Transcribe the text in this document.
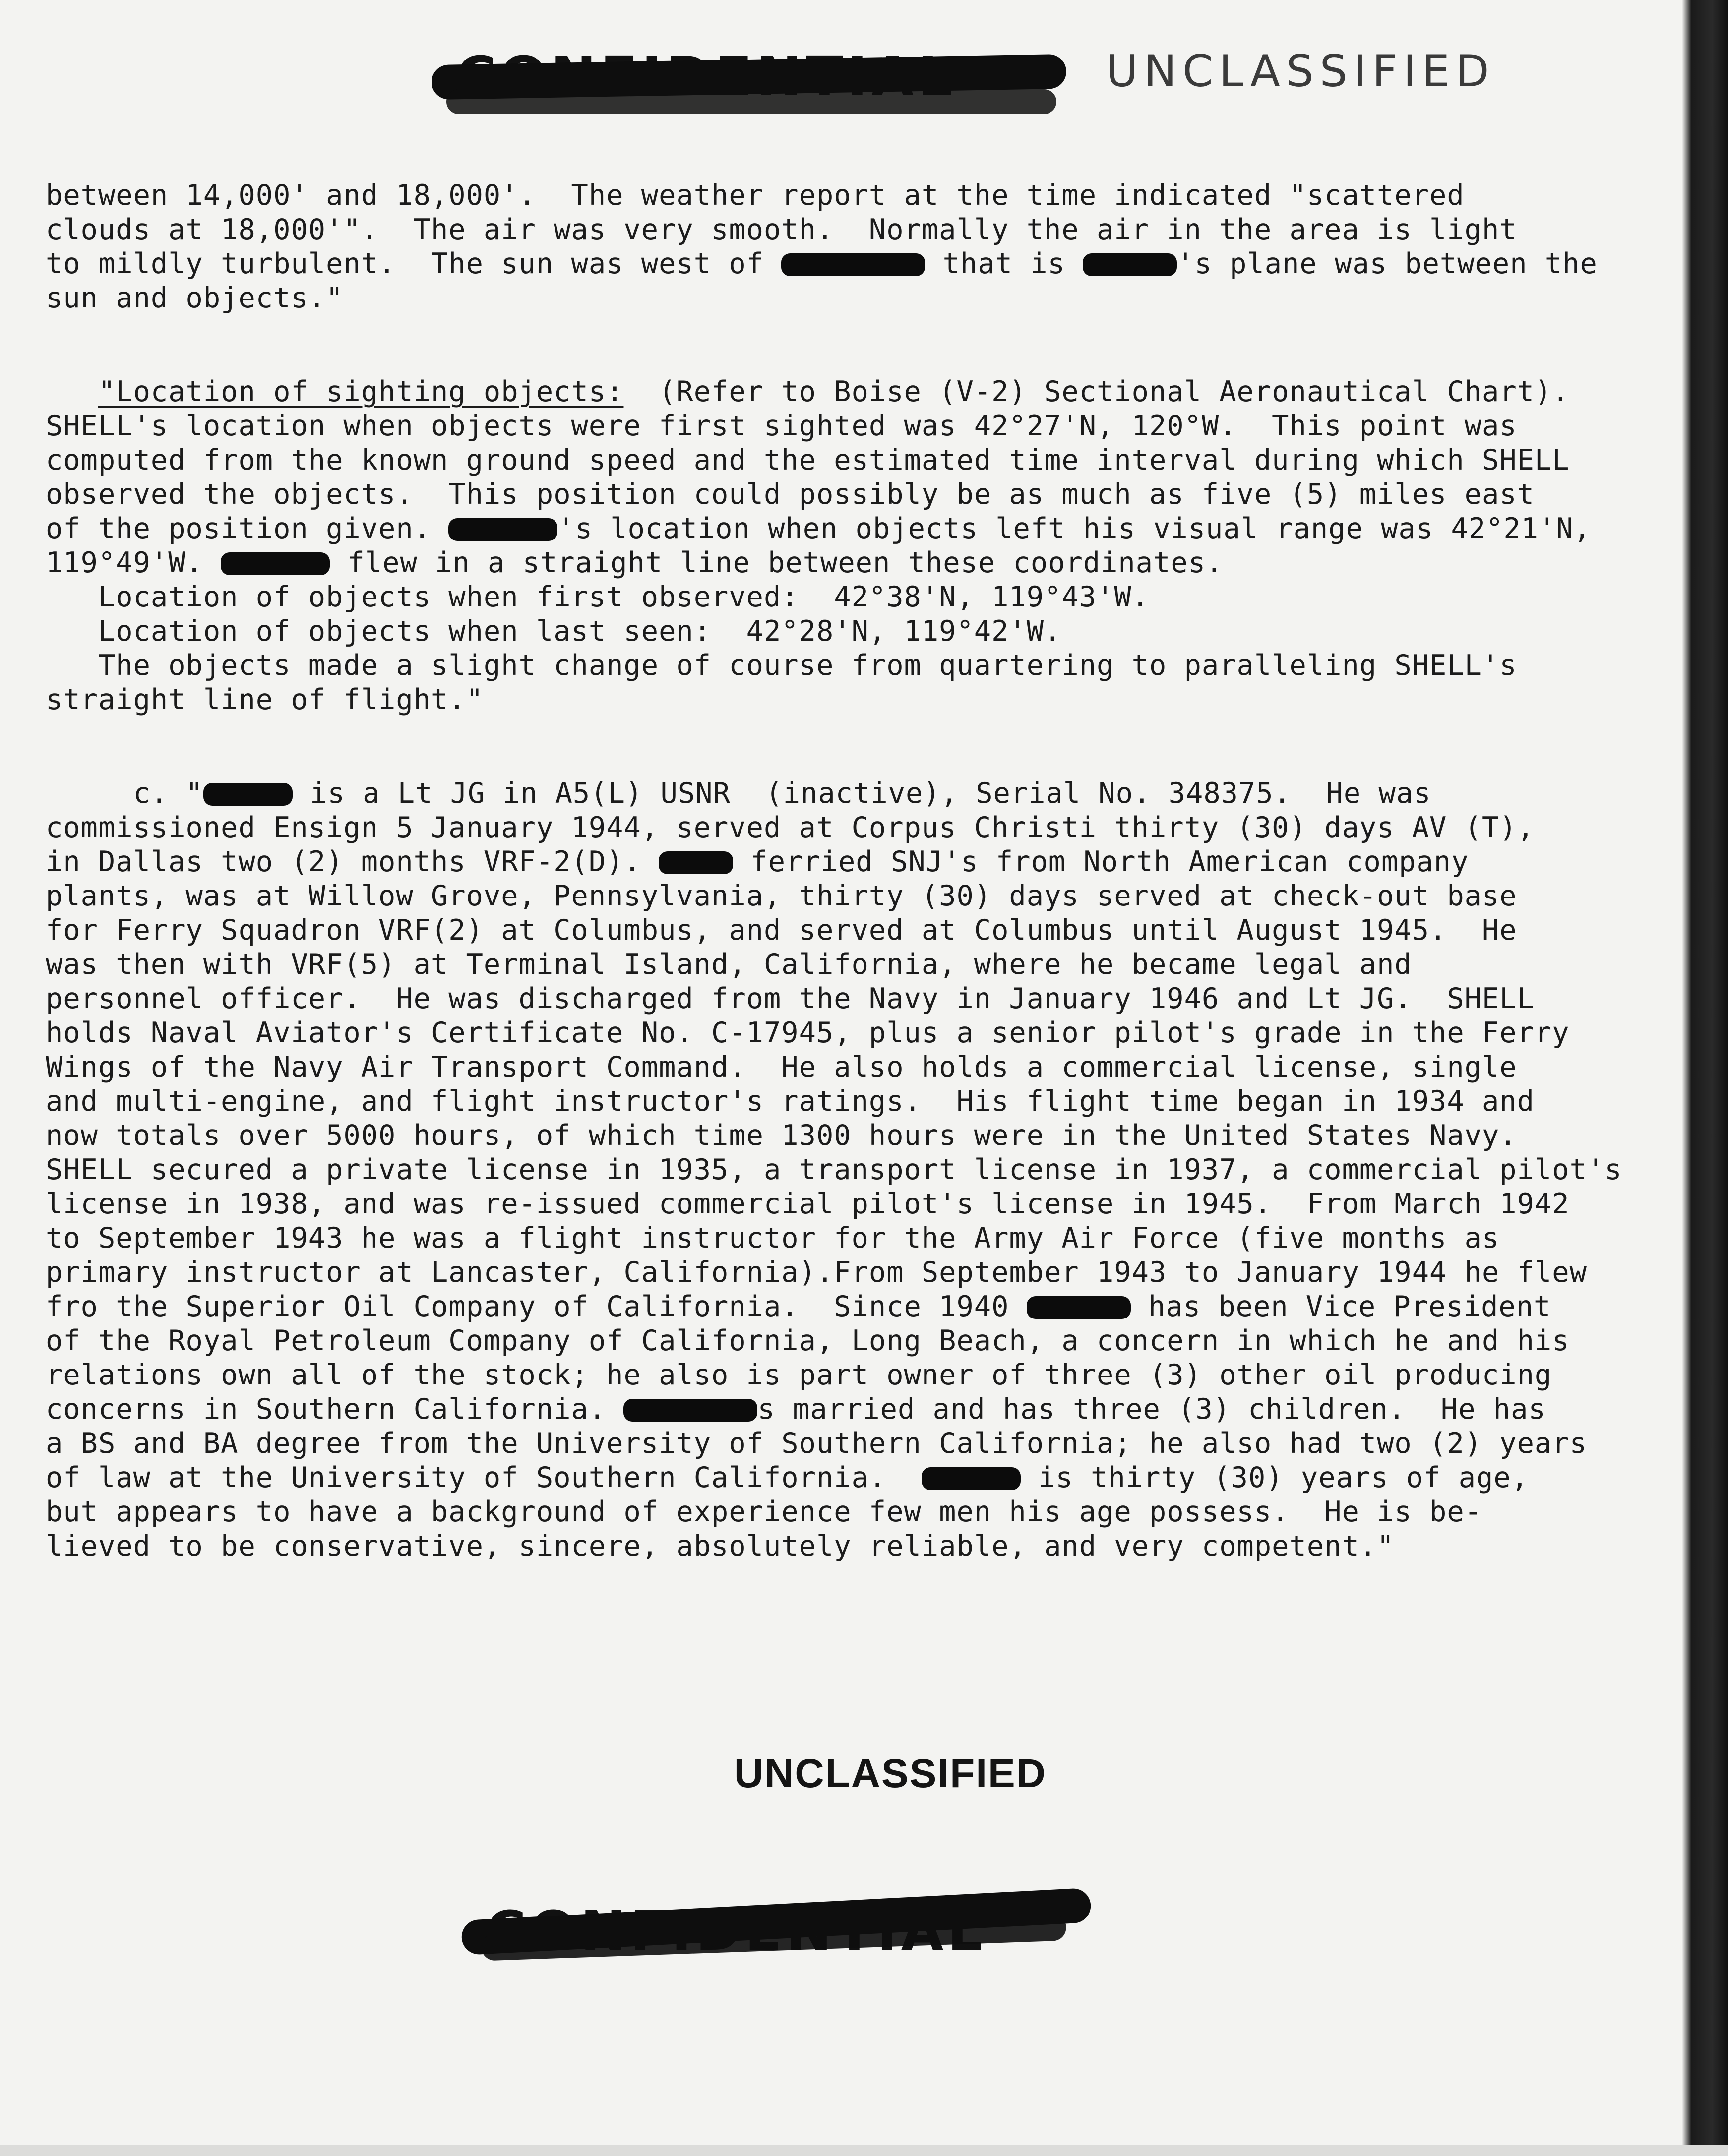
UNCLASSIFIED
between 14,000' and 18,000'.  The weather report at the time indicated "scattered
clouds at 18,000'".  The air was very smooth.  Normally the air in the area is light
to mildly turbulent.  The sun was west of	that is	's plane was between the
sun and objects."
"Location of sighting objects:  (Refer to Boise (V-2) Sectional Aeronautical Chart).
SHELL's location when objects were first sighted was 42°27'N, 120°W.  This point was
computed from the known ground speed and the estimated time interval during which SHELL
observed the objects.  This position could possibly be as much as five (5) miles east
of the position given.	's location when objects left his visual range was 42°21'N,
119°49'W.	flew in a straight line between these coordinates.
Location of objects when first observed:  42°38'N, 119°43'W.
Location of objects when last seen:  42°28'N, 119°42'W.
The objects made a slight change of course from quartering to paralleling SHELL's
straight line of flight."
c. "	is a Lt JG in A5(L) USNR  (inactive), Serial No. 348375.  He was
commissioned Ensign 5 January 1944, served at Corpus Christi thirty (30) days AV (T),
in Dallas two (2) months VRF-2(D).	ferried SNJ's from North American company
plants, was at Willow Grove, Pennsylvania, thirty (30) days served at check-out base
for Ferry Squadron VRF(2) at Columbus, and served at Columbus until August 1945.  He
was then with VRF(5) at Terminal Island, California, where he became legal and
personnel officer.  He was discharged from the Navy in January 1946 and Lt JG.  SHELL
holds Naval Aviator's Certificate No. C-17945, plus a senior pilot's grade in the Ferry
Wings of the Navy Air Transport Command.  He also holds a commercial license, single
and multi-engine, and flight instructor's ratings.  His flight time began in 1934 and
now totals over 5000 hours, of which time 1300 hours were in the United States Navy.
SHELL secured a private license in 1935, a transport license in 1937, a commercial pilot's
license in 1938, and was re-issued commercial pilot's license in 1945.  From March 1942
to September 1943 he was a flight instructor for the Army Air Force (five months as
primary instructor at Lancaster, California).From September 1943 to January 1944 he flew
fro the Superior Oil Company of California.  Since 1940	has been Vice President
of the Royal Petroleum Company of California, Long Beach, a concern in which he and his
relations own all of the stock; he also is part owner of three (3) other oil producing
concerns in Southern California.	s married and has three (3) children.  He has
a BS and BA degree from the University of Southern California; he also had two (2) years
of law at the University of Southern California.	is thirty (30) years of age,
but appears to have a background of experience few men his age possess.  He is be-
lieved to be conservative, sincere, absolutely reliable, and very competent."
UNCLASSIFIED
